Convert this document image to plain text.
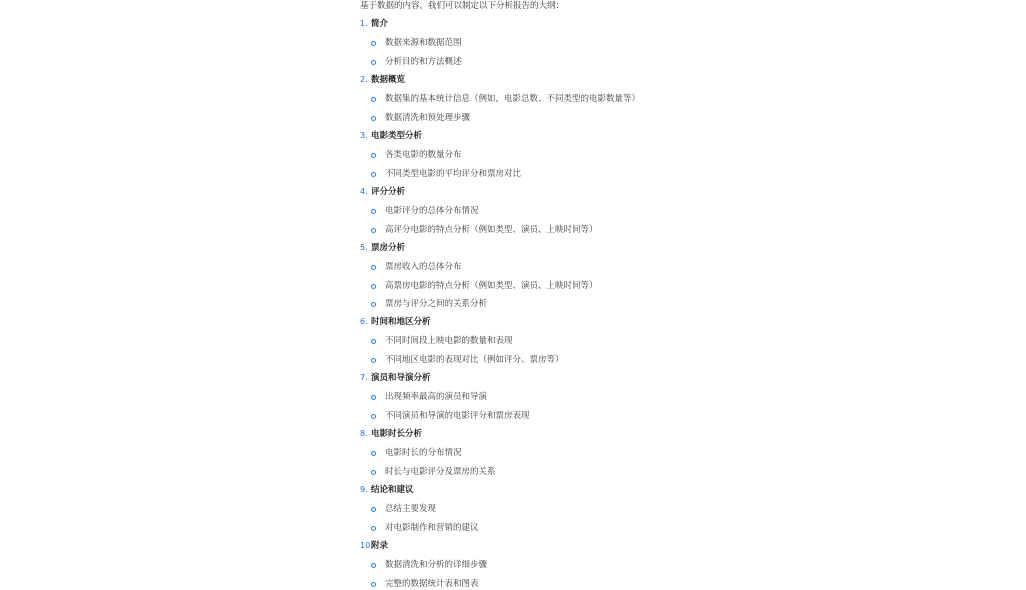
基于数据的内容，我们可以制定以下分析报告的大纲：
1. 简介
数据来源和数据范围
分析目的和方法概述
2. 数据概览
数据集的基本统计信息（例如，电影总数、不同类型的电影数量等）
数据清洗和预处理步骤
3. 电影类型分析
各类电影的数量分布
不同类型电影的平均评分和票房对比
4. 评分分析
电影评分的总体分布情况
高评分电影的特点分析（例如类型、演员、上映时间等）
5. 票房分析
票房收入的总体分布
高票房电影的特点分析（例如类型、演员、上映时间等）
票房与评分之间的关系分析
6. 时间和地区分析
不同时间段上映电影的数量和表现
不同地区电影的表现对比（例如评分、票房等）
7. 演员和导演分析
出现频率最高的演员和导演
不同演员和导演的电影评分和票房表现
8. 电影时长分析
电影时长的分布情况
时长与电影评分及票房的关系
9. 结论和建议
总结主要发现
对电影制作和营销的建议
10.
附录
数据清洗和分析的详细步骤
完整的数据统计表和图表
